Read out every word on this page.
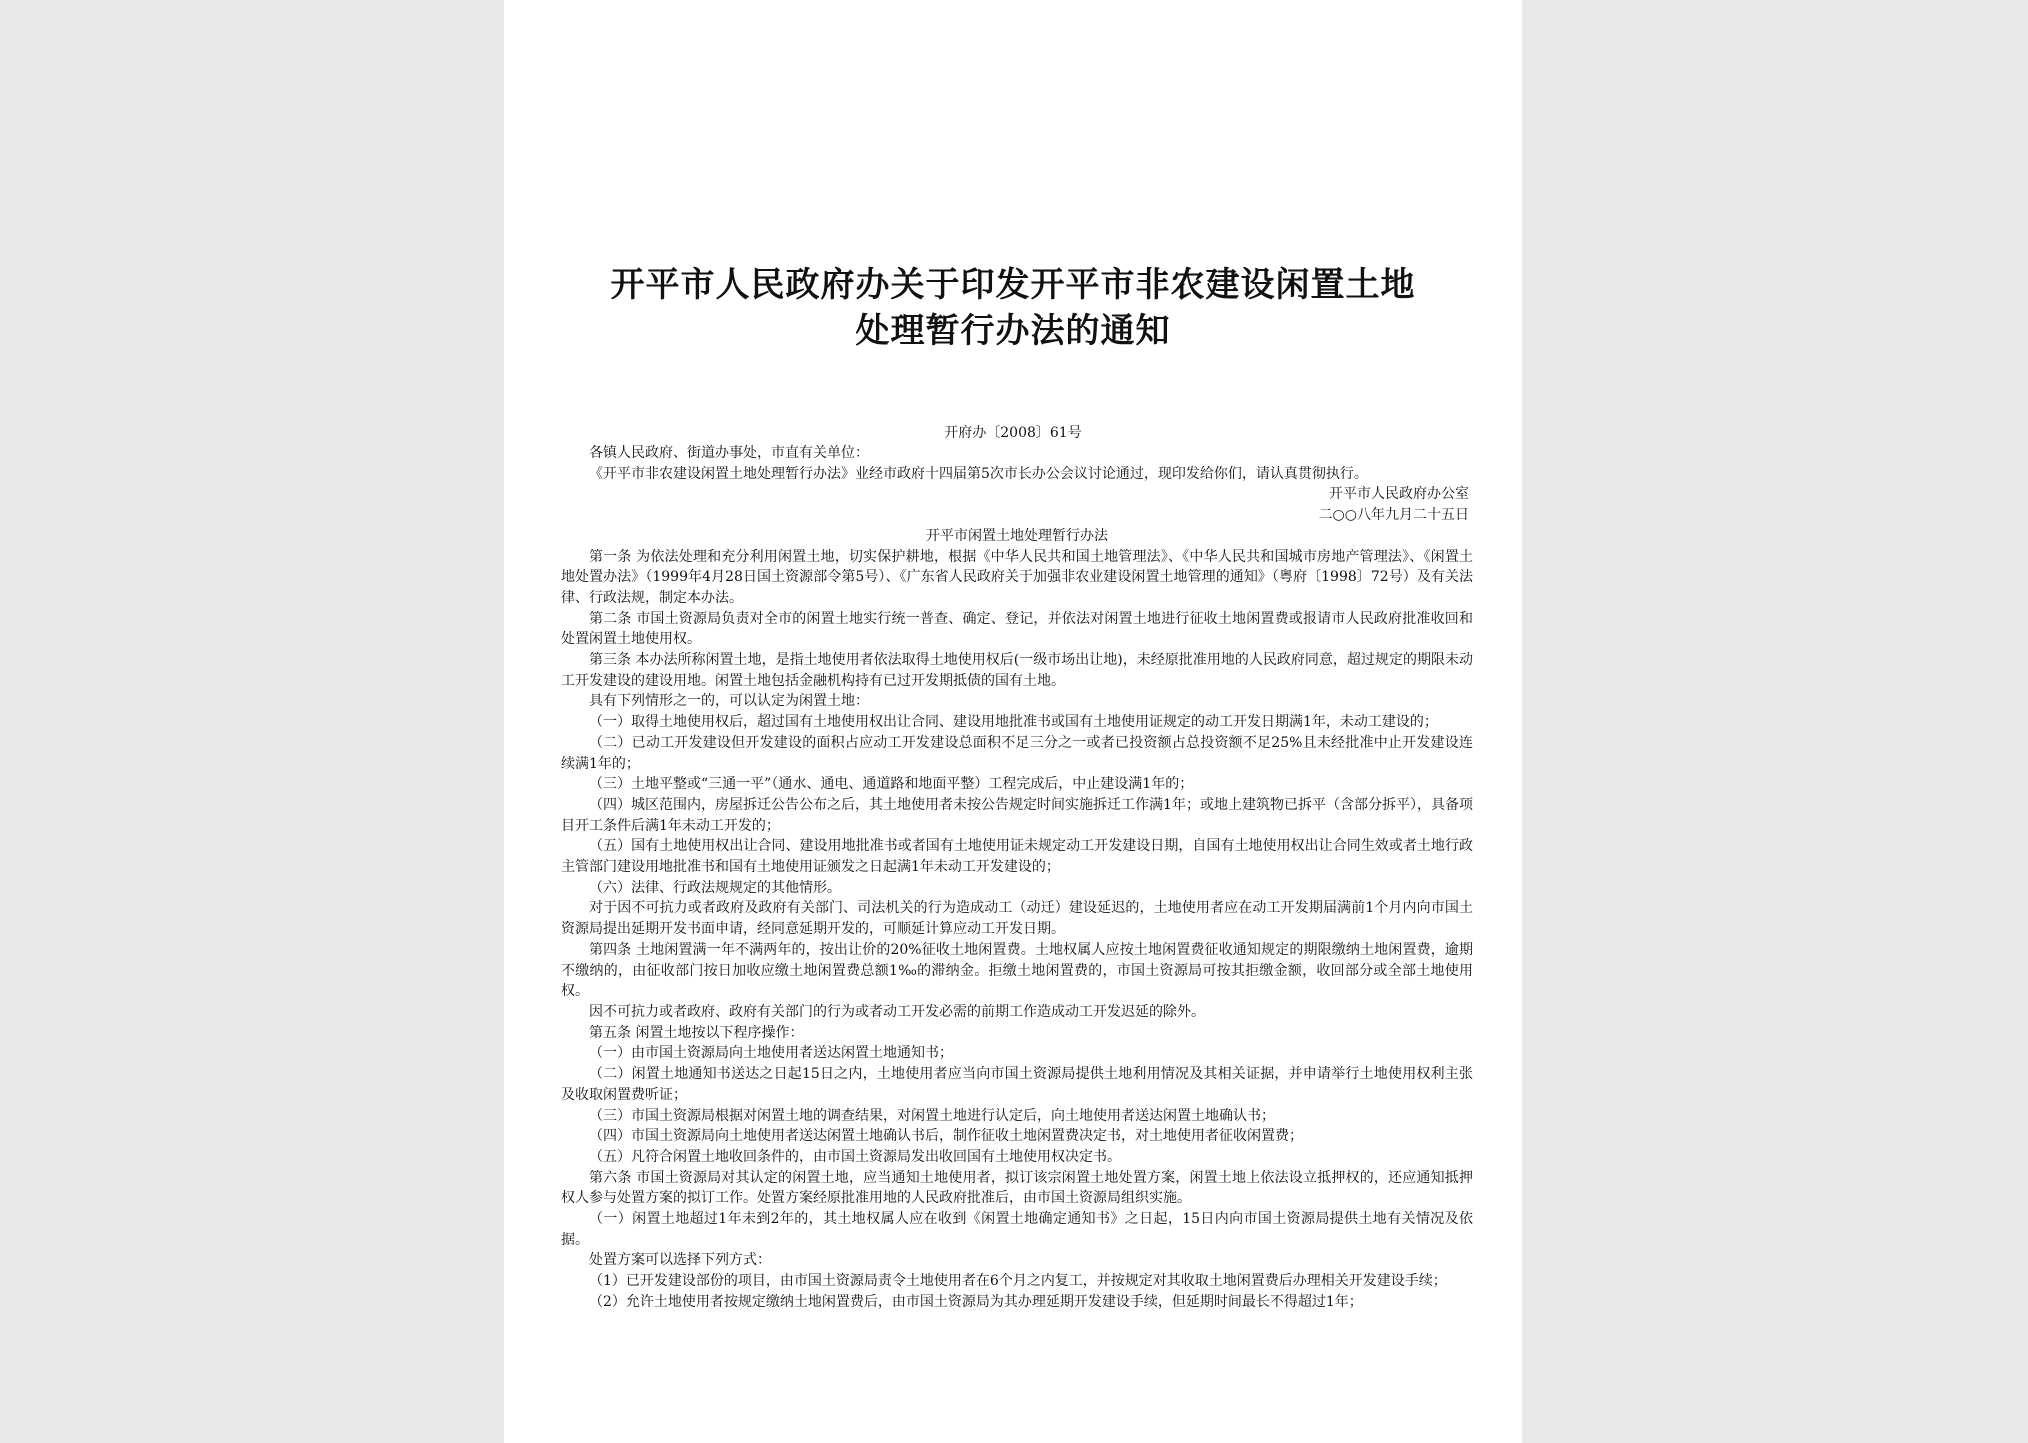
开平市人民政府办关于印发开平市非农建设闲置土地
处理暂行办法的通知
开府办〔2008〕61号

各镇人民政府、街道办事处，市直有关单位：

《开平市非农建设闲置土地处理暂行办法》业经市政府十四届第5次市长办公会议讨论通过，现印发给你们，请认真贯彻执行。

开平市人民政府办公室

二○○八年九月二十五日

开平市闲置土地处理暂行办法

第一条 为依法处理和充分利用闲置土地，切实保护耕地，根据《中华人民共和国土地管理法》、《中华人民共和国城市房地产管理法》、《闲置土地处置办法》（1999年4月28日国土资源部令第5号）、《广东省人民政府关于加强非农业建设闲置土地管理的通知》（粤府〔1998〕72号）及有关法律、行政法规，制定本办法。

第二条 市国土资源局负责对全市的闲置土地实行统一普查、确定、登记，并依法对闲置土地进行征收土地闲置费或报请市人民政府批准收回和处置闲置土地使用权。

第三条 本办法所称闲置土地，是指土地使用者依法取得土地使用权后(一级市场出让地)，未经原批准用地的人民政府同意，超过规定的期限未动工开发建设的建设用地。闲置土地包括金融机构持有已过开发期抵债的国有土地。

具有下列情形之一的，可以认定为闲置土地：

（一）取得土地使用权后，超过国有土地使用权出让合同、建设用地批准书或国有土地使用证规定的动工开发日期满1年，未动工建设的；

（二）已动工开发建设但开发建设的面积占应动工开发建设总面积不足三分之一或者已投资额占总投资额不足25%且未经批准中止开发建设连续满1年的；

（三）土地平整或“三通一平”（通水、通电、通道路和地面平整）工程完成后，中止建设满1年的；

（四）城区范围内，房屋拆迁公告公布之后，其土地使用者未按公告规定时间实施拆迁工作满1年；或地上建筑物已拆平（含部分拆平），具备项目开工条件后满1年未动工开发的；

（五）国有土地使用权出让合同、建设用地批准书或者国有土地使用证未规定动工开发建设日期，自国有土地使用权出让合同生效或者土地行政主管部门建设用地批准书和国有土地使用证颁发之日起满1年未动工开发建设的；

（六）法律、行政法规规定的其他情形。

对于因不可抗力或者政府及政府有关部门、司法机关的行为造成动工（动迁）建设延迟的，土地使用者应在动工开发期届满前1个月内向市国土资源局提出延期开发书面申请，经同意延期开发的，可顺延计算应动工开发日期。

第四条 土地闲置满一年不满两年的，按出让价的20%征收土地闲置费。土地权属人应按土地闲置费征收通知规定的期限缴纳土地闲置费，逾期不缴纳的，由征收部门按日加收应缴土地闲置费总额1‰的滞纳金。拒缴土地闲置费的，市国土资源局可按其拒缴金额，收回部分或全部土地使用权。

因不可抗力或者政府、政府有关部门的行为或者动工开发必需的前期工作造成动工开发迟延的除外。

第五条 闲置土地按以下程序操作：

（一）由市国土资源局向土地使用者送达闲置土地通知书；

（二）闲置土地通知书送达之日起15日之内，土地使用者应当向市国土资源局提供土地利用情况及其相关证据，并申请举行土地使用权利主张及收取闲置费听证；

（三）市国土资源局根据对闲置土地的调查结果，对闲置土地进行认定后，向土地使用者送达闲置土地确认书；

（四）市国土资源局向土地使用者送达闲置土地确认书后，制作征收土地闲置费决定书，对土地使用者征收闲置费；

（五）凡符合闲置土地收回条件的，由市国土资源局发出收回国有土地使用权决定书。

第六条 市国土资源局对其认定的闲置土地，应当通知土地使用者，拟订该宗闲置土地处置方案，闲置土地上依法设立抵押权的，还应通知抵押权人参与处置方案的拟订工作。处置方案经原批准用地的人民政府批准后，由市国土资源局组织实施。

（一）闲置土地超过1年未到2年的，其土地权属人应在收到《闲置土地确定通知书》之日起，15日内向市国土资源局提供土地有关情况及依据。

处置方案可以选择下列方式：

（1）已开发建设部份的项目，由市国土资源局责令土地使用者在6个月之内复工，并按规定对其收取土地闲置费后办理相关开发建设手续；

（2）允许土地使用者按规定缴纳土地闲置费后，由市国土资源局为其办理延期开发建设手续，但延期时间最长不得超过1年；
